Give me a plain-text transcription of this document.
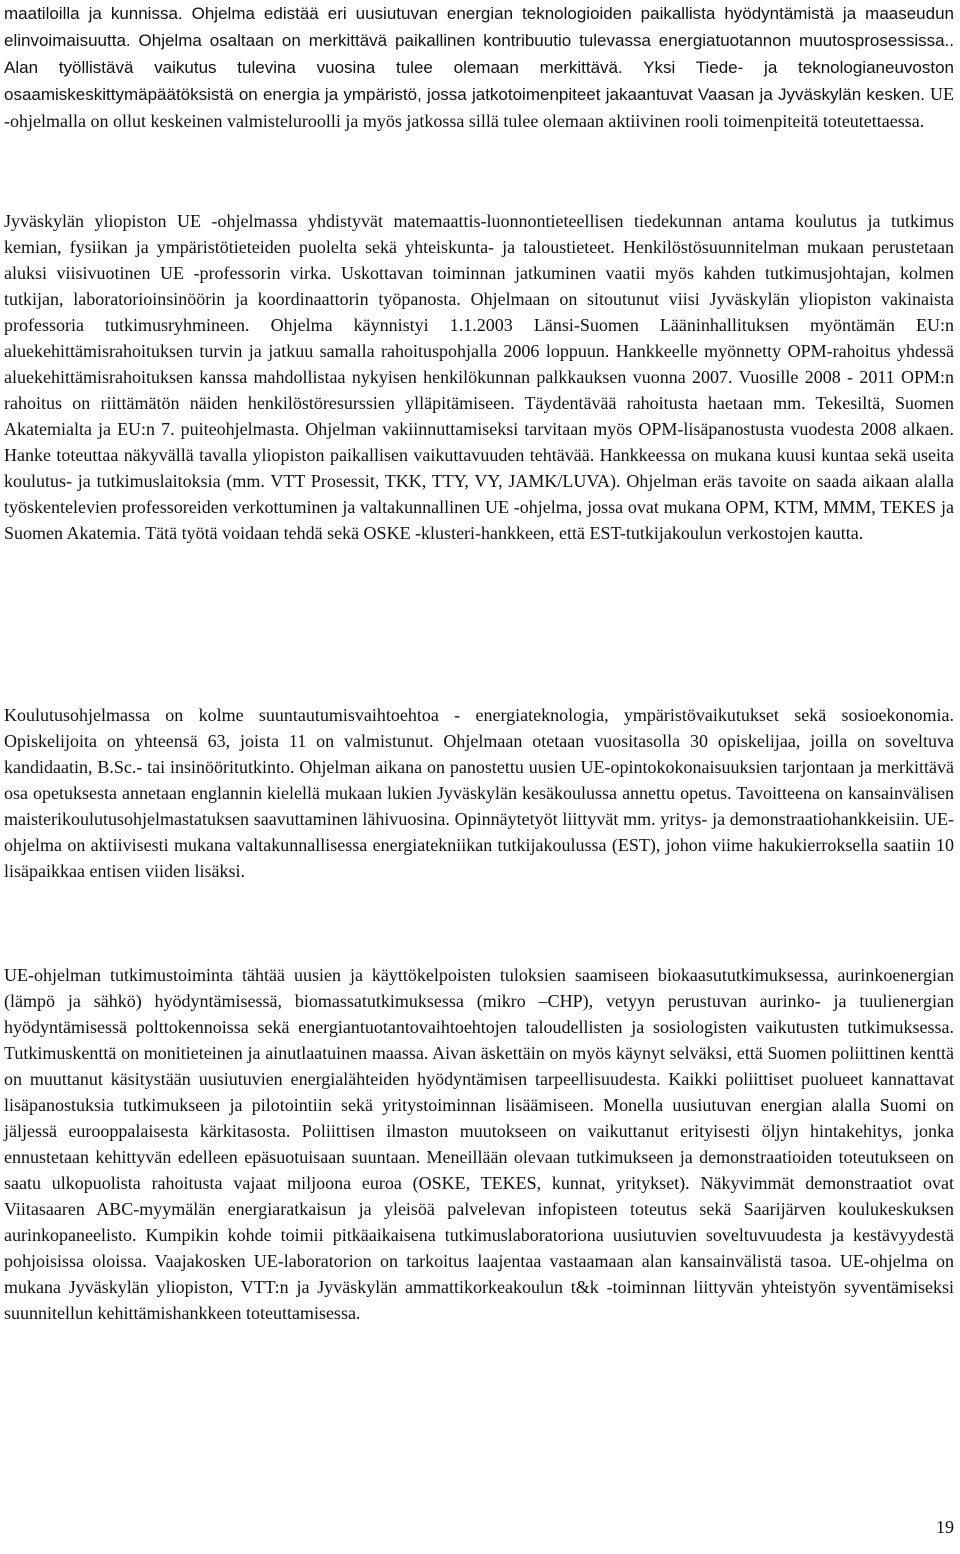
maatiloilla ja kunnissa. Ohjelma edistää eri uusiutuvan energian teknologioiden paikallista hyödyntämistä ja maaseudun elinvoimaisuutta. Ohjelma osaltaan on merkittävä paikallinen kontribuutio tulevassa energiatuotannon muutosprosessissa.. Alan työllistävä vaikutus tulevina vuosina tulee olemaan merkittävä. Yksi Tiede- ja teknologianeuvoston osaamiskeskittymäpäätöksistä on energia ja ympäristö, jossa jatkotoimenpiteet jakaantuvat Vaasan ja Jyväskylän kesken. UE -ohjelmalla on ollut keskeinen valmisteluroolli ja myös jatkossa sillä tulee olemaan aktiivinen rooli toimenpiteitä toteutettaessa.

Jyväskylän yliopiston UE -ohjelmassa yhdistyvät matemaattis-luonnontieteellisen tiedekunnan antama koulutus ja tutkimus kemian, fysiikan ja ympäristötieteiden puolelta sekä yhteiskunta- ja taloustieteet. Henkilöstösuunnitelman mukaan perustetaan aluksi viisivuotinen UE -professorin virka. Uskottavan toiminnan jatkuminen vaatii myös kahden tutkimusjohtajan, kolmen tutkijan, laboratorioinsinöörin ja koordinaattorin työpanosta. Ohjelmaan on sitoutunut viisi Jyväskylän yliopiston vakinaista professoria tutkimusryhmineen. Ohjelma käynnistyi 1.1.2003 Länsi-Suomen Lääninhallituksen myöntämän EU:n aluekehittämisrahoituksen turvin ja jatkuu samalla rahoituspohjalla 2006 loppuun. Hankkeelle myönnetty OPM-rahoitus yhdessä aluekehittämisrahoituksen kanssa mahdollistaa nykyisen henkilökunnan palkkauksen vuonna 2007. Vuosille 2008 - 2011 OPM:n rahoitus on riittämätön näiden henkilöstöresurssien ylläpitämiseen. Täydentävää rahoitusta haetaan mm. Tekesiltä, Suomen Akatemialta ja EU:n 7. puiteohjelmasta. Ohjelman vakiinnuttamiseksi tarvitaan myös OPM-lisäpanostusta vuodesta 2008 alkaen. Hanke toteuttaa näkyvällä tavalla yliopiston paikallisen vaikuttavuuden tehtävää. Hankkeessa on mukana kuusi kuntaa sekä useita koulutus- ja tutkimuslaitoksia (mm. VTT Prosessit, TKK, TTY, VY, JAMK/LUVA). Ohjelman eräs tavoite on saada aikaan alalla työskentelevien professoreiden verkottuminen ja valtakunnallinen UE -ohjelma, jossa ovat mukana OPM, KTM, MMM, TEKES ja Suomen Akatemia. Tätä työtä voidaan tehdä sekä OSKE -klusteri-hankkeen, että EST-tutkijakoulun verkostojen kautta.

Koulutusohjelmassa on kolme suuntautumisvaihtoehtoa - energiateknologia, ympäristövaikutukset sekä sosioekonomia. Opiskelijoita on yhteensä 63, joista 11 on valmistunut. Ohjelmaan otetaan vuositasolla 30 opiskelijaa, joilla on soveltuva kandidaatin, B.Sc.- tai insinööritutkinto. Ohjelman aikana on panostettu uusien UE-opintokokonaisuuksien tarjontaan ja merkittävä osa opetuksesta annetaan englannin kielellä mukaan lukien Jyväskylän kesäkoulussa annettu opetus. Tavoitteena on kansainvälisen maisterikoulutusohjelmastatuksen saavuttaminen lähivuosina. Opinnäytetyöt liittyvät mm. yritys- ja demonstraatiohankkeisiin. UE-ohjelma on aktiivisesti mukana valtakunnallisessa energiatekniikan tutkijakoulussa (EST), johon viime hakukierroksella saatiin 10 lisäpaikkaa entisen viiden lisäksi.

UE-ohjelman tutkimustoiminta tähtää uusien ja käyttökelpoisten tuloksien saamiseen biokaasututkimuksessa, aurinkoenergian (lämpö ja sähkö) hyödyntämisessä, biomassatutkimuksessa (mikro –CHP), vetyyn perustuvan aurinko- ja tuulienergian hyödyntämisessä polttokennoissa sekä energiantuotantovaihtoehtojen taloudellisten ja sosiologisten vaikutusten tutkimuksessa. Tutkimuskenttä on monitieteinen ja ainutlaatuinen maassa. Aivan äskettäin on myös käynyt selväksi, että Suomen poliittinen kenttä on muuttanut käsitystään uusiutuvien energialähteiden hyödyntämisen tarpeellisuudesta. Kaikki poliittiset puolueet kannattavat lisäpanostuksia tutkimukseen ja pilotointiin sekä yritystoiminnan lisäämiseen. Monella uusiutuvan energian alalla Suomi on jäljessä eurooppalaisesta kärkitasosta. Poliittisen ilmaston muutokseen on vaikuttanut erityisesti öljyn hintakehitys, jonka ennustetaan kehittyvän edelleen epäsuotuisaan suuntaan. Meneillään olevaan tutkimukseen ja demonstraatioiden toteutukseen on saatu ulkopuolista rahoitusta vajaat miljoona euroa (OSKE, TEKES, kunnat, yritykset). Näkyvimmät demonstraatiot ovat Viitasaaren ABC-myymälän energiaratkaisun ja yleisöä palvelevan infopisteen toteutus sekä Saarijärven koulukeskuksen aurinkopaneelisto. Kumpikin kohde toimii pitkäaikaisena tutkimuslaboratoriona uusiutuvien soveltuvuudesta ja kestävyydestä pohjoisissa oloissa. Vaajakosken UE-laboratorion on tarkoitus laajentaa vastaamaan alan kansainvälistä tasoa. UE-ohjelma on mukana Jyväskylän yliopiston, VTT:n ja Jyväskylän ammattikorkeakoulun t&k -toiminnan liittyvän yhteistyön syventämiseksi suunnitellun kehittämishankkeen toteuttamisessa.

19
